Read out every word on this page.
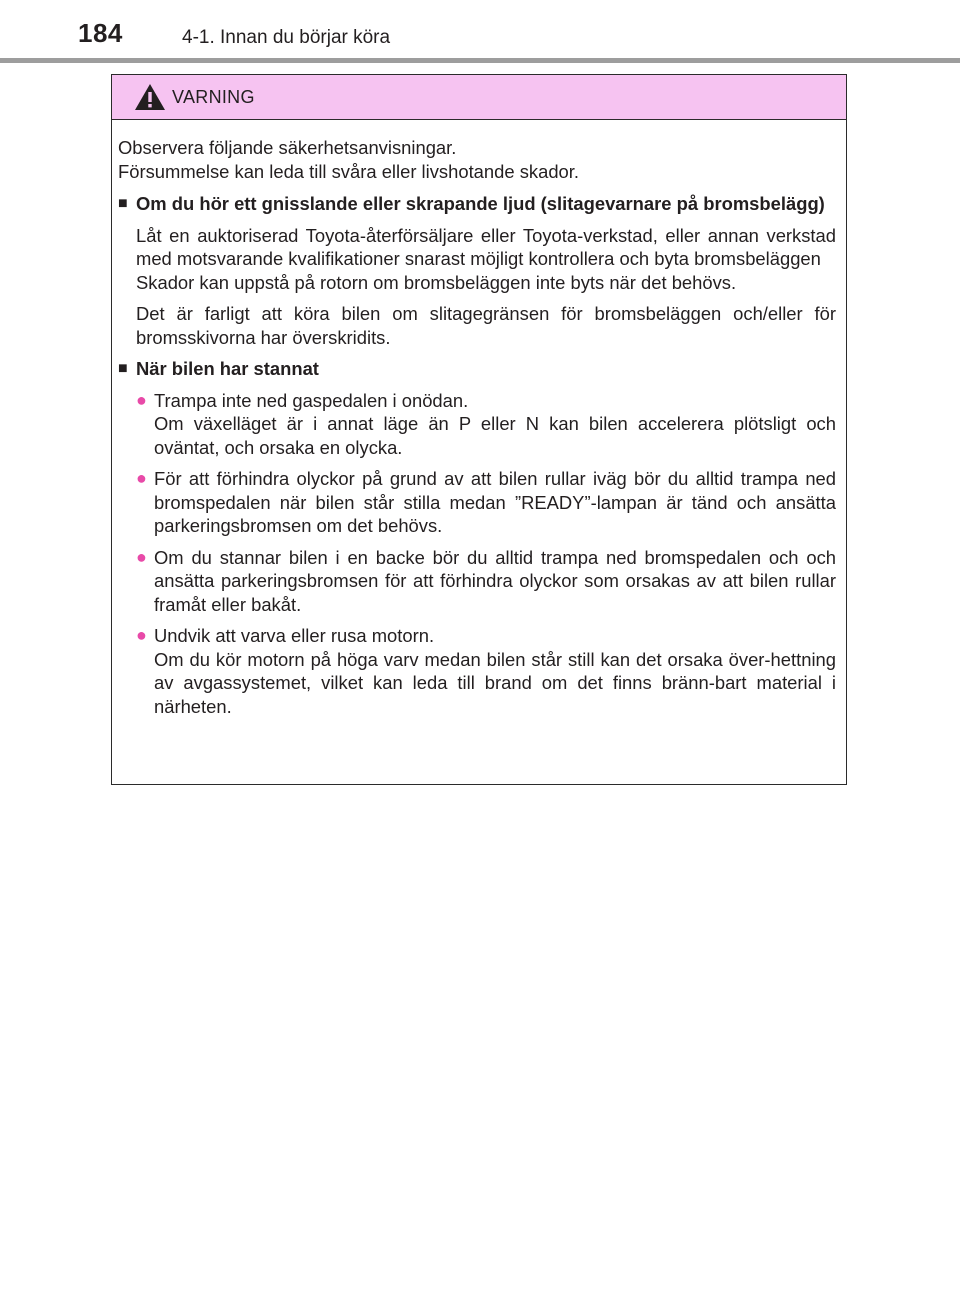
184	4-1. Innan du börjar köra
VARNING

Observera följande säkerhetsanvisningar.

Försummelse kan leda till svåra eller livshotande skador.

■ Om du hör ett gnisslande eller skrapande ljud (slitagevarnare på bromsbelägg)

Låt en auktoriserad Toyota-återförsäljare eller Toyota-verkstad, eller annan verkstad med motsvarande kvalifikationer snarast möjligt kontrollera och byta bromsbeläggen
Skador kan uppstå på rotorn om bromsbeläggen inte byts när det behövs.

Det är farligt att köra bilen om slitagegränsen för bromsbeläggen och/eller för bromsskivorna har överskridits.

■ När bilen har stannat
● Trampa inte ned gaspedalen i onödan.
Om växelläget är i annat läge än P eller N kan bilen accelerera plötsligt och oväntat, och orsaka en olycka.
● För att förhindra olyckor på grund av att bilen rullar iväg bör du alltid trampa ned bromspedalen när bilen står stilla medan ”READY”-lampan är tänd och ansätta parkeringsbromsen om det behövs.
● Om du stannar bilen i en backe bör du alltid trampa ned bromspedalen och och ansätta parkeringsbromsen för att förhindra olyckor som orsakas av att bilen rullar framåt eller bakåt.
● Undvik att varva eller rusa motorn.
Om du kör motorn på höga varv medan bilen står still kan det orsaka över-hettning av avgassystemet, vilket kan leda till brand om det finns bränn-bart material i närheten.
